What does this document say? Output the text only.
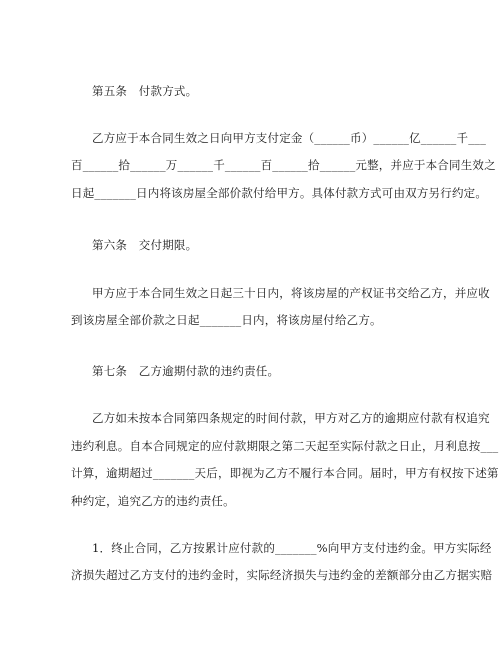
第五条　付款方式。
乙方应于本合同生效之日向甲方支付定金（______币）______亿______千___
百______拾______万______千______百______拾______元整，并应于本合同生效之
日起_______日内将该房屋全部价款付给甲方。具体付款方式可由双方另行约定。
第六条　交付期限。
甲方应于本合同生效之日起三十日内，将该房屋的产权证书交给乙方，并应收
到该房屋全部价款之日起_______日内，将该房屋付给乙方。
第七条　乙方逾期付款的违约责任。
乙方如未按本合同第四条规定的时间付款，甲方对乙方的逾期应付款有权追究
违约利息。自本合同规定的应付款期限之第二天起至实际付款之日止，月利息按___
计算，逾期超过_______天后，即视为乙方不履行本合同。届时，甲方有权按下述第
种约定，追究乙方的违约责任。
1．终止合同，乙方按累计应付款的_______%向甲方支付违约金。甲方实际经
济损失超过乙方支付的违约金时，实际经济损失与违约金的差额部分由乙方据实赔
